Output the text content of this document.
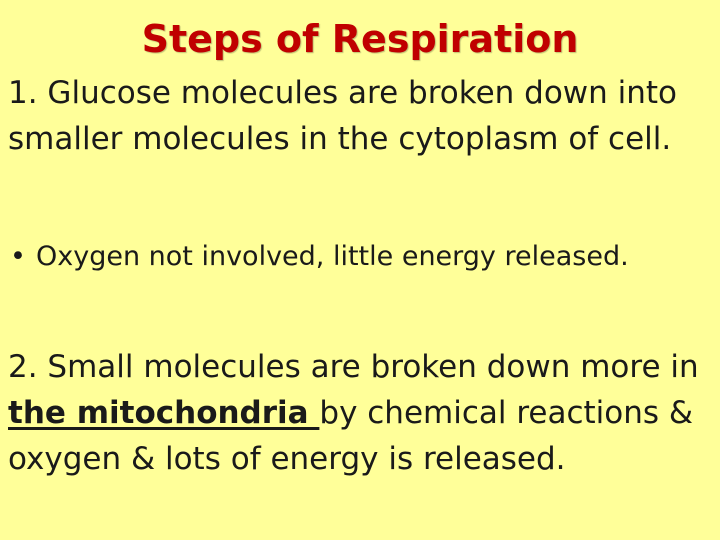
Steps of Respiration

1. Glucose molecules are broken down into smaller molecules in the cytoplasm of cell.

• Oxygen not involved, little energy released.

2. Small molecules are broken down more in the mitochondria by chemical reactions & oxygen & lots of energy is released.
